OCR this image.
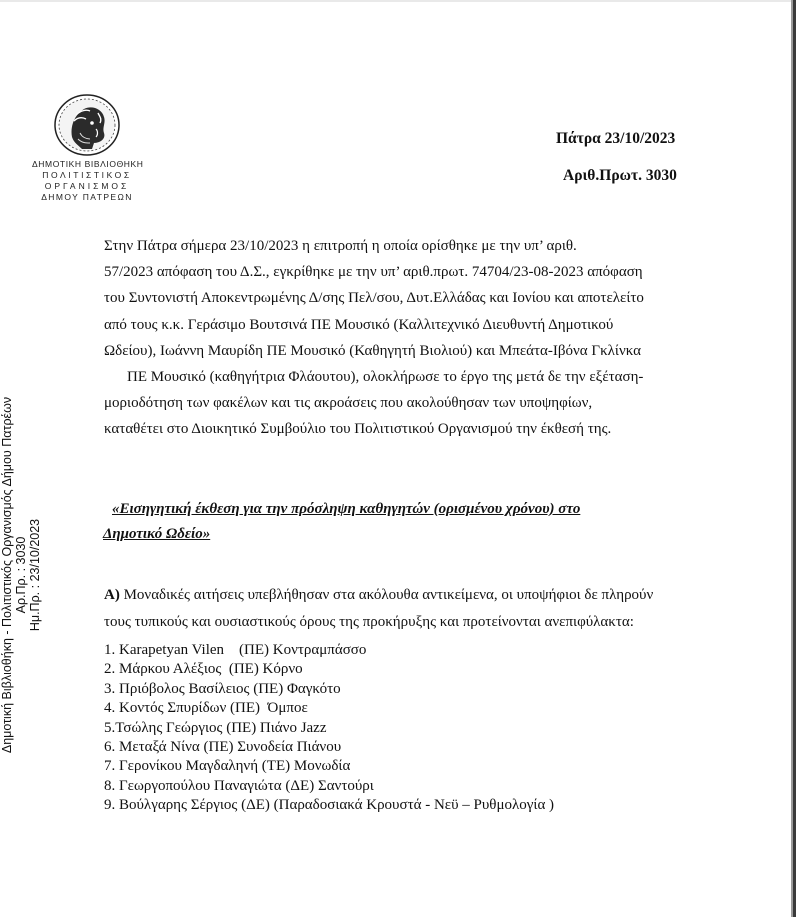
ΔΗΜΟΤΙΚΗ ΒΙΒΛΙΟΘΗΚΗ
ΠΟΛΙΤΙΣΤΙΚΟΣ
ΟΡΓΑΝΙΣΜΟΣ
ΔΗΜΟΥ ΠΑΤΡΕΩΝ
Πάτρα 23/10/2023
Αριθ.Πρωτ. 3030
Δημοτική Βιβλιοθήκη - Πολιτιστικός Οργανισμός Δήμου Πατρέων Αρ.Πρ. : 3030 Ημ.Πρ. : 23/10/2023
Στην Πάτρα σήμερα 23/10/2023 η επιτροπή η οποία ορίσθηκε με την υπ’ αριθ.
57/2023 απόφαση του Δ.Σ., εγκρίθηκε με την υπ’ αριθ.πρωτ. 74704/23-08-2023 απόφαση
του Συντονιστή Αποκεντρωμένης Δ/σης Πελ/σου, Δυτ.Ελλάδας και Ιονίου και αποτελείτο
από τους κ.κ. Γεράσιμο Βουτσινά ΠΕ Μουσικό (Καλλιτεχνικό Διευθυντή Δημοτικού
Ωδείου), Ιωάννη Μαυρίδη ΠΕ Μουσικό (Καθηγητή Βιολιού) και Μπεάτα-Ιβόνα Γκλίνκα
ΠΕ Μουσικό (καθηγήτρια Φλάουτου), ολοκλήρωσε το έργο της μετά δε την εξέταση-
μοριοδότηση των φακέλων και τις ακροάσεις που ακολούθησαν των υποψηφίων,
καταθέτει στο Διοικητικό Συμβούλιο του Πολιτιστικού Οργανισμού την έκθεσή της.
«Εισηγητική έκθεση για την πρόσληψη καθηγητών (ορισμένου χρόνου) στο
Δημοτικό Ωδείο»
Α) Μοναδικές αιτήσεις υπεβλήθησαν στα ακόλουθα αντικείμενα, οι υποψήφιοι δε πληρούν
τους τυπικούς και ουσιαστικούς όρους της προκήρυξης και προτείνονται ανεπιφύλακτα:
1. Karapetyan Vilen    (ΠΕ) Κοντραμπάσσο
2. Μάρκου Αλέξιος  (ΠΕ) Κόρνο
3. Πριόβολος Βασίλειος (ΠΕ) Φαγκότο
4. Κοντός Σπυρίδων (ΠΕ)  Όμποε
5.Τσώλης Γεώργιος (ΠΕ) Πιάνο Jazz
6. Μεταξά Νίνα (ΠΕ) Συνοδεία Πιάνου
7. Γερονίκου Μαγδαληνή (ΤΕ) Μονωδία
8. Γεωργοπούλου Παναγιώτα (ΔΕ) Σαντούρι
9. Βούλγαρης Σέργιος (ΔΕ) (Παραδοσιακά Κρουστά - Νεϋ – Ρυθμολογία )
